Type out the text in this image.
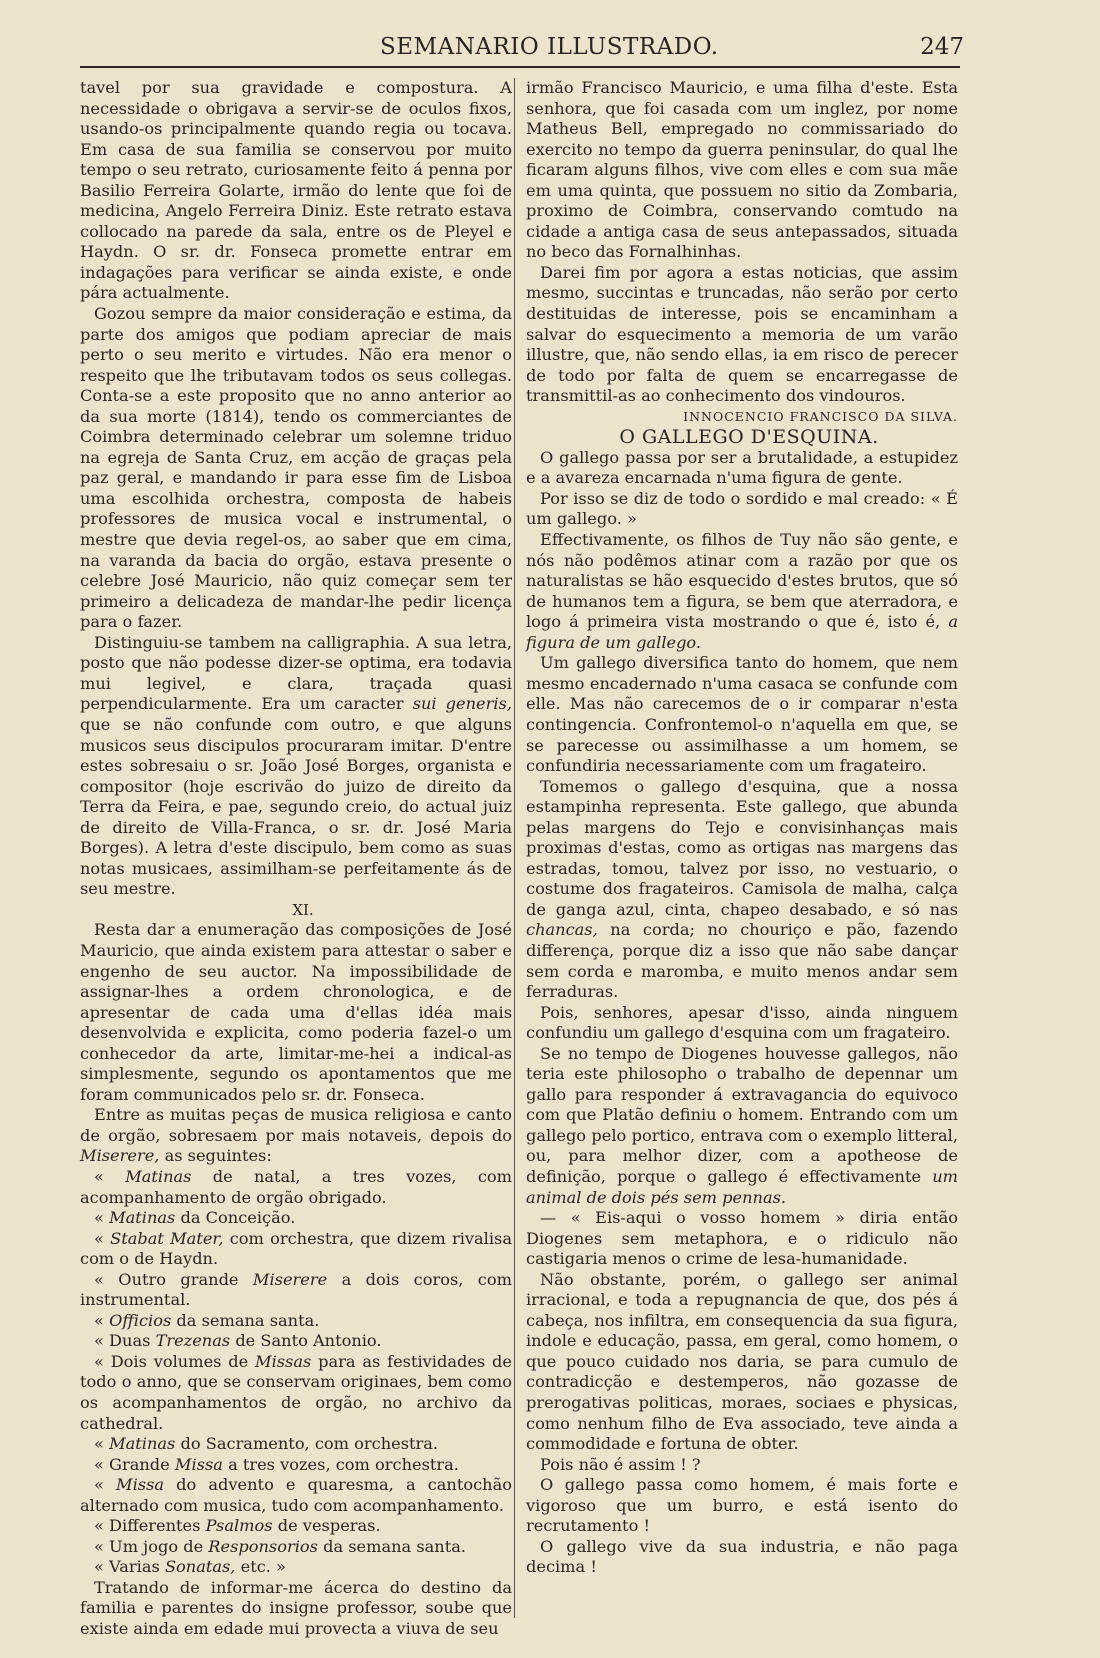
SEMANARIO ILLUSTRADO.	247

tavel por sua gravidade e compostura. A necessidade o obrigava a servir-se de oculos fixos, usando-os principalmente quando regia ou tocava. Em casa de sua familia se conservou por muito tempo o seu retrato, curiosamente feito á penna por Basilio Ferreira Golarte, irmão do lente que foi de medicina, Angelo Ferreira Diniz. Este retrato estava collocado na parede da sala, entre os de Pleyel e Haydn. O sr. dr. Fonseca promette entrar em indagações para verificar se ainda existe, e onde pára actualmente.

Gozou sempre da maior consideração e estima, da parte dos amigos que podiam apreciar de mais perto o seu merito e virtudes. Não era menor o respeito que lhe tributavam todos os seus collegas. Conta-se a este proposito que no anno anterior ao da sua morte (1814), tendo os commerciantes de Coimbra determinado celebrar um solemne triduo na egreja de Santa Cruz, em acção de graças pela paz geral, e mandando ir para esse fim de Lisboa uma escolhida orchestra, composta de habeis professores de musica vocal e instrumental, o mestre que devia regel-os, ao saber que em cima, na varanda da bacia do orgão, estava presente o celebre José Mauricio, não quiz começar sem ter primeiro a delicadeza de mandar-lhe pedir licença para o fazer.

Distinguiu-se tambem na calligraphia. A sua letra, posto que não podesse dizer-se optima, era todavia mui legivel, e clara, traçada quasi perpendicularmente. Era um caracter sui generis, que se não confunde com outro, e que alguns musicos seus discipulos procuraram imitar. D'entre estes sobresaiu o sr. João José Borges, organista e compositor (hoje escrivão do juizo de direito da Terra da Feira, e pae, segundo creio, do actual juiz de direito de Villa-Franca, o sr. dr. José Maria Borges). A letra d'este discipulo, bem como as suas notas musicaes, assimilham-se perfeitamente ás de seu mestre.

XI.

Resta dar a enumeração das composições de José Mauricio, que ainda existem para attestar o saber e engenho de seu auctor. Na impossibilidade de assignar-lhes a ordem chronologica, e de apresentar de cada uma d'ellas idéa mais desenvolvida e explicita, como poderia fazel-o um conhecedor da arte, limitar-me-hei a indical-as simplesmente, segundo os apontamentos que me foram communicados pelo sr. dr. Fonseca.

Entre as muitas peças de musica religiosa e canto de orgão, sobresaem por mais notaveis, depois do Miserere, as seguintes:

« Matinas de natal, a tres vozes, com acompanhamento de orgão obrigado.

« Matinas da Conceição.

« Stabat Mater, com orchestra, que dizem rivalisa com o de Haydn.

« Outro grande Miserere a dois coros, com instrumental.

« Officios da semana santa.

« Duas Trezenas de Santo Antonio.

« Dois volumes de Missas para as festividades de todo o anno, que se conservam originaes, bem como os acompanhamentos de orgão, no archivo da cathedral.

« Matinas do Sacramento, com orchestra.

« Grande Missa a tres vozes, com orchestra.

« Missa do advento e quaresma, a cantochão alternado com musica, tudo com acompanhamento.

« Differentes Psalmos de vesperas.

« Um jogo de Responsorios da semana santa.

« Varias Sonatas, etc. »

Tratando de informar-me ácerca do destino da familia e parentes do insigne professor, soube que existe ainda em edade mui provecta a viuva de seu

irmão Francisco Mauricio, e uma filha d'este. Esta senhora, que foi casada com um inglez, por nome Matheus Bell, empregado no commissariado do exercito no tempo da guerra peninsular, do qual lhe ficaram alguns filhos, vive com elles e com sua mãe em uma quinta, que possuem no sitio da Zombaria, proximo de Coimbra, conservando comtudo na cidade a antiga casa de seus antepassados, situada no beco das Fornalhinhas.

Darei fim por agora a estas noticias, que assim mesmo, succintas e truncadas, não serão por certo destituidas de interesse, pois se encaminham a salvar do esquecimento a memoria de um varão illustre, que, não sendo ellas, ia em risco de perecer de todo por falta de quem se encarregasse de transmittil-as ao conhecimento dos vindouros.

INNOCENCIO FRANCISCO DA SILVA.

O GALLEGO D'ESQUINA.

O gallego passa por ser a brutalidade, a estupidez e a avareza encarnada n'uma figura de gente.

Por isso se diz de todo o sordido e mal creado: « É um gallego. »

Effectivamente, os filhos de Tuy não são gente, e nós não podêmos atinar com a razão por que os naturalistas se hão esquecido d'estes brutos, que só de humanos tem a figura, se bem que aterradora, e logo á primeira vista mostrando o que é, isto é, a figura de um gallego.

Um gallego diversifica tanto do homem, que nem mesmo encadernado n'uma casaca se confunde com elle. Mas não carecemos de o ir comparar n'esta contingencia. Confrontemol-o n'aquella em que, se se parecesse ou assimilhasse a um homem, se confundiria necessariamente com um fragateiro.

Tomemos o gallego d'esquina, que a nossa estampinha representa. Este gallego, que abunda pelas margens do Tejo e convisinhanças mais proximas d'estas, como as ortigas nas margens das estradas, tomou, talvez por isso, no vestuario, o costume dos fragateiros. Camisola de malha, calça de ganga azul, cinta, chapeo desabado, e só nas chancas, na corda; no chouriço e pão, fazendo differença, porque diz a isso que não sabe dançar sem corda e maromba, e muito menos andar sem ferraduras.

Pois, senhores, apesar d'isso, ainda ninguem confundiu um gallego d'esquina com um fragateiro.

Se no tempo de Diogenes houvesse gallegos, não teria este philosopho o trabalho de depennar um gallo para responder á extravagancia do equivoco com que Platão definiu o homem. Entrando com um gallego pelo portico, entrava com o exemplo litteral, ou, para melhor dizer, com a apotheose de definição, porque o gallego é effectivamente um animal de dois pés sem pennas.

— « Eis-aqui o vosso homem » diria então Diogenes sem metaphora, e o ridiculo não castigaria menos o crime de lesa-humanidade.

Não obstante, porém, o gallego ser animal irracional, e toda a repugnancia de que, dos pés á cabeça, nos infiltra, em consequencia da sua figura, indole e educação, passa, em geral, como homem, o que pouco cuidado nos daria, se para cumulo de contradicção e destemperos, não gozasse de prerogativas politicas, moraes, sociaes e physicas, como nenhum filho de Eva associado, teve ainda a commodidade e fortuna de obter.

Pois não é assim ! ?

O gallego passa como homem, é mais forte e vigoroso que um burro, e está isento do recrutamento !

O gallego vive da sua industria, e não paga decima !
